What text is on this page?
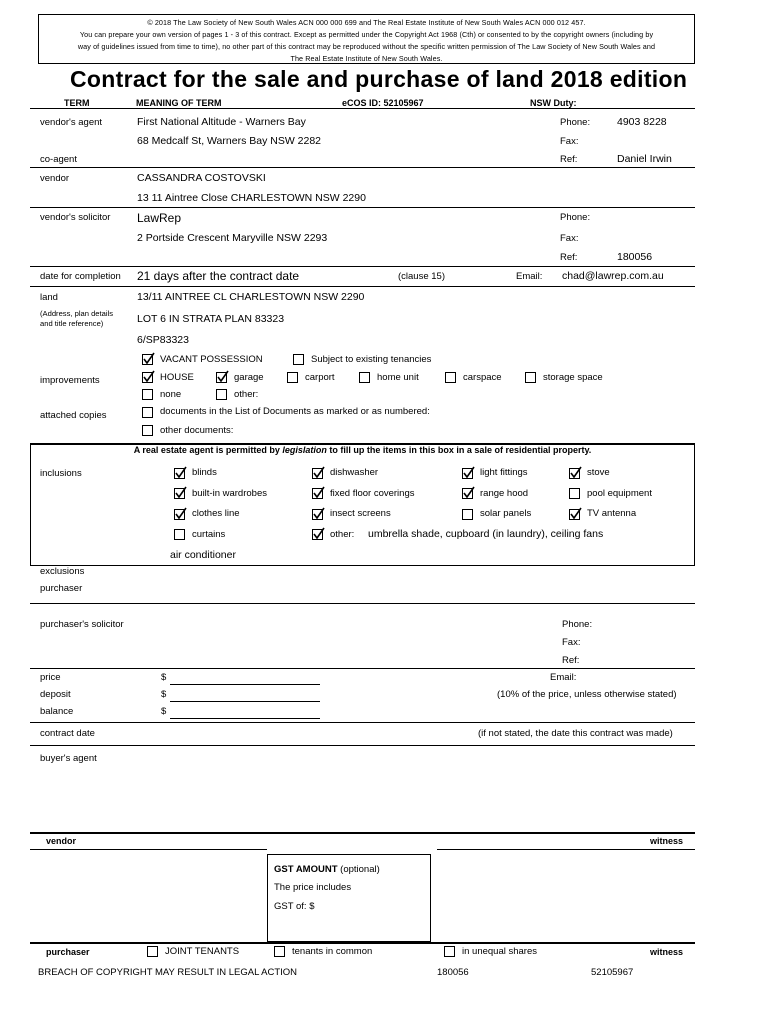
© 2018 The Law Society of New South Wales ACN 000 000 699 and The Real Estate Institute of New South Wales ACN 000 012 457.
You can prepare your own version of pages 1 - 3 of this contract. Except as permitted under the Copyright Act 1968 (Cth) or consented to by the copyright owners (including by
way of guidelines issued from time to time), no other part of this contract may be reproduced without the specific written permission of The Law Society of New South Wales and
The Real Estate Institute of New South Wales.
Contract for the sale and purchase of land 2018 edition
TERM	MEANING OF TERM	eCOS ID: 52105967	NSW Duty:
vendor's agent	First National Altitude - Warners Bay	Phone:	4903 8228
68 Medcalf St, Warners Bay NSW 2282	Fax:
co-agent	Ref:	Daniel Irwin
vendor	CASSANDRA COSTOVSKI
13 11 Aintree Close CHARLESTOWN NSW 2290
vendor's solicitor LawRep	Phone:
2 Portside Crescent Maryville NSW 2293	Fax:
Ref:	180056
date for completion 21 days after the contract date	(clause 15)	Email: chad@lawrep.com.au
land	13/11 AINTREE CL CHARLESTOWN NSW 2290
(Address, plan details
and title reference)	LOT 6 IN STRATA PLAN 83323
6/SP83323
VACANT POSSESSION	Subject to existing tenancies
improvements	HOUSE	garage	carport	home unit	carspace	storage space
none	other:
attached copies	documents in the List of Documents as marked or as numbered:
other documents:
A real estate agent is permitted by legislation to fill up the items in this box in a sale of residential property.
inclusions	blinds	dishwasher	light fittings	stove
built-in wardrobes	fixed floor coverings	range hood	pool equipment
clothes line	insect screens	solar panels	TV antenna
curtains	other: umbrella shade, cupboard (in laundry), ceiling fans
air conditioner
exclusions
purchaser
purchaser's solicitor	Phone:
Fax:
Ref:
Email:
price	$
deposit	$	(10% of the price, unless otherwise stated)
balance	$
contract date	(if not stated, the date this contract was made)
buyer's agent
vendor	witness
GST AMOUNT (optional)
The price includes
GST of: $
purchaser	JOINT TENANTS	tenants in common	in unequal shares	witness
BREACH OF COPYRIGHT MAY RESULT IN LEGAL ACTION	180056	52105967
